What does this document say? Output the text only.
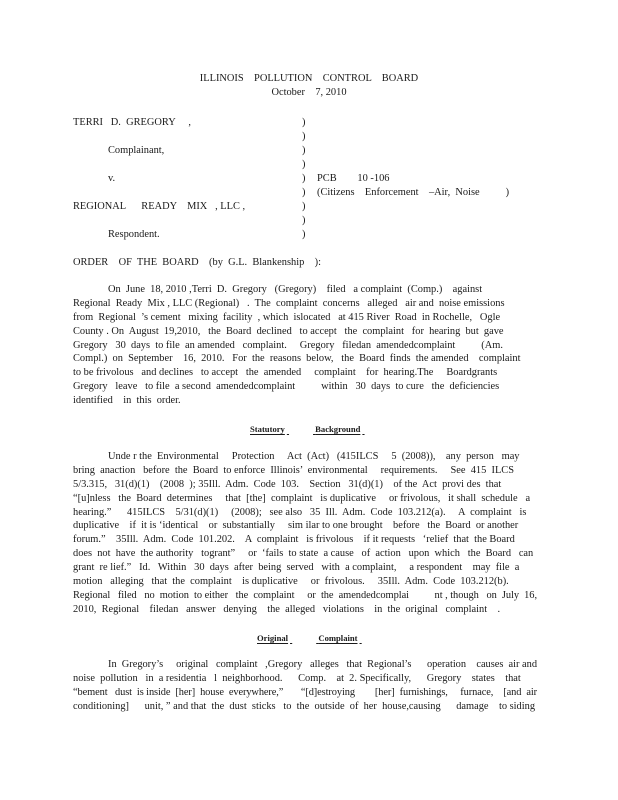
ILLINOIS    POLLUTION    CONTROL    BOARD
October    7, 2010
TERRI   D.  GREGORY     ,
Complainant,
v.
REGIONAL      READY    MIX   , LLC ,
Respondent.
)
)
)
)
)
)
)
)
)
PCB        10 -106
(Citizens    Enforcement    –Air,  Noise          )
ORDER    OF  THE  BOARD    (by  G.L.  Blankenship    ):
On  June  18, 2010 ,Terri  D.  Gregory   (Gregory)    filed   a complaint  (Comp.)    against
Regional  Ready  Mix , LLC (Regional)   .  The  complaint  concerns   alleged   air and  noise emissions
from  Regional  ’s cement   mixing  facility  , which  islocated   at 415 River  Road  in Rochelle,   Ogle
County . On  August  19,2010,   the  Board  declined   to accept   the  complaint   for  hearing  but  gave
Gregory   30  days  to file  an amended   complaint.     Gregory   filedan  amendedcomplaint          (Am.
Compl.)  on  September    16,  2010.   For  the  reasons  below,   the  Board  finds  the amended    complaint
to be frivolous   and declines   to accept   the  amended     complaint    for  hearing.The     Boardgrants
Gregory   leave   to file  a second  amendedcomplaint          within   30  days  to cure   the  deficiencies
identified    in  this  order.
Statutory	Background
Unde r the  Environmental     Protection     Act  (Act)   (415ILCS     5  (2008)),    any  person   may
bring  anaction   before  the  Board  to enforce  Illinois’  environmental     requirements.     See  415  ILCS
5/3.315,   31(d)(1)    (2008  ); 35Ill.  Adm.  Code  103.    Section   31(d)(1)    of the  Act  provi des  that
“[u]nless   the  Board  determines     that  [the]  complaint   is duplicative     or frivolous,   it shall  schedule   a
hearing.”      415ILCS    5/31(d)(1)     (2008);   see also   35  Ill.  Adm.  Code  103.212(a).     A  complaint   is
duplicative    if  it is ‘identical    or  substantially     sim ilar to one brought    before   the  Board  or another
forum.”    35Ill.  Adm.  Code  101.202.    A  complaint   is frivolous    if it requests   ‘relief  that  the Board
does  not  have  the authority   togrant”     or  ‘fails  to state  a cause   of  action   upon  which   the  Board   can
grant  re lief.”   Id.   Within   30  days  after  being  served   with  a complaint,     a respondent    may  file  a
motion   alleging   that  the  complaint    is duplicative     or  frivolous.     35Ill.  Adm.  Code  103.212(b).
Regional   filed   no  motion  to either   the  complaint     or  the  amendedcomplai          nt , though   on  July  16,
2010,  Regional    filedan   answer   denying    the  alleged   violations    in  the  original   complaint    .
Original	Complaint
In  Gregory’s     original   complaint   ,Gregory   alleges   that  Regional’s      operation    causes  air and
noise  pollution   in  a residentia   l  neighborhood.      Comp.    at  2. Specifically,      Gregory    states    that
“bement   dust  is inside  [her]  house  everywhere,”       “[d]estroying        [her]  furnishings,     furnace,    [and  air
conditioning]      unit, ” and that  the  dust  sticks   to  the  outside  of  her  house,causing      damage    to siding
